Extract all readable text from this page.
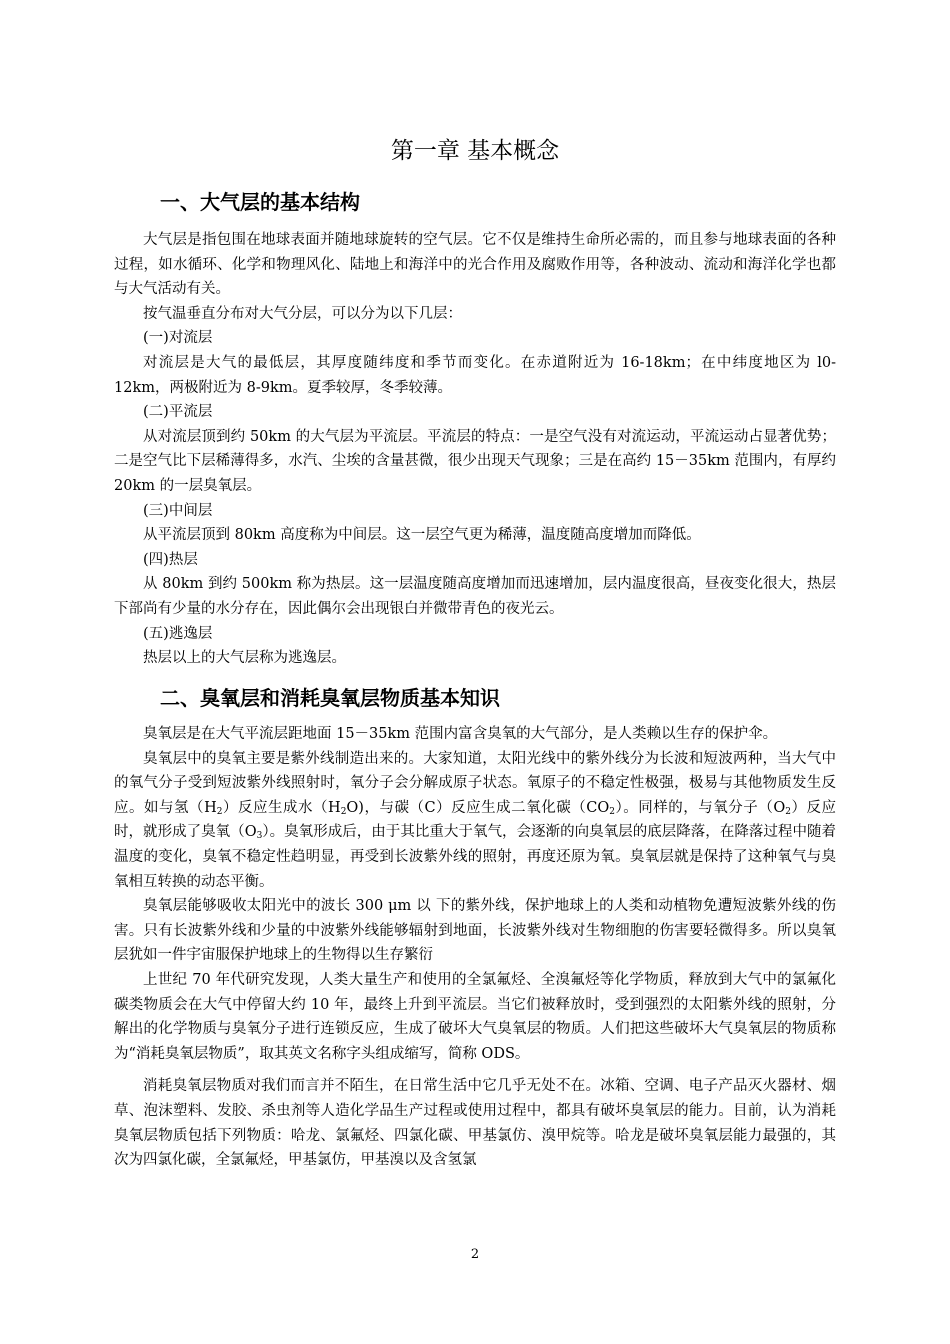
第一章 基本概念
一、大气层的基本结构

大气层是指包围在地球表面并随地球旋转的空气层。它不仅是维持生命所必需的，而且参与地球表面的各种过程，如水循环、化学和物理风化、陆地上和海洋中的光合作用及腐败作用等，各种波动、流动和海洋化学也都与大气活动有关。

按气温垂直分布对大气分层，可以分为以下几层：

(一)对流层

对流层是大气的最低层，其厚度随纬度和季节而变化。在赤道附近为 16-18km；在中纬度地区为 l0-12km，两极附近为 8-9km。夏季较厚，冬季较薄。

(二)平流层

从对流层顶到约 50km 的大气层为平流层。平流层的特点：一是空气没有对流运动，平流运动占显著优势；二是空气比下层稀薄得多，水汽、尘埃的含量甚微，很少出现天气现象；三是在高约 15－35km 范围内，有厚约 20km 的一层臭氧层。

(三)中间层

从平流层顶到 80km 高度称为中间层。这一层空气更为稀薄，温度随高度增加而降低。

(四)热层

从 80km 到约 500km 称为热层。这一层温度随高度增加而迅速增加，层内温度很高，昼夜变化很大，热层下部尚有少量的水分存在，因此偶尔会出现银白并微带青色的夜光云。

(五)逃逸层

热层以上的大气层称为逃逸层。

二、臭氧层和消耗臭氧层物质基本知识

臭氧层是在大气平流层距地面 15－35km 范围内富含臭氧的大气部分，是人类赖以生存的保护伞。

臭氧层中的臭氧主要是紫外线制造出来的。大家知道，太阳光线中的紫外线分为长波和短波两种，当大气中的氧气分子受到短波紫外线照射时，氧分子会分解成原子状态。氧原子的不稳定性极强，极易与其他物质发生反应。如与氢$(H_2)$反应生成水$(H_2O)$，与碳（C）反应生成二氧化碳$(CO_2)$。同样的，与氧分子$(O_2)$反应时，就形成了臭氧$(O_3)$。臭氧形成后，由于其比重大于氧气，会逐渐的向臭氧层的底层降落，在降落过程中随着温度的变化，臭氧不稳定性趋明显，再受到长波紫外线的照射，再度还原为氧。臭氧层就是保持了这种氧气与臭氧相互转换的动态平衡。

臭氧层能够吸收太阳光中的波长 300 μm 以 下的紫外线，保护地球上的人类和动植物免遭短波紫外线的伤害。只有长波紫外线和少量的中波紫外线能够辐射到地面，长波紫外线对生物细胞的伤害要轻微得多。所以臭氧层犹如一件宇宙服保护地球上的生物得以生存繁衍

上世纪 70 年代研究发现，人类大量生产和使用的全氯氟烃、全溴氟烃等化学物质，释放到大气中的氯氟化碳类物质会在大气中停留大约 10 年，最终上升到平流层。当它们被释放时，受到强烈的太阳紫外线的照射，分解出的化学物质与臭氧分子进行连锁反应，生成了破坏大气臭氧层的物质。人们把这些破坏大气臭氧层的物质称为“消耗臭氧层物质”，取其英文名称字头组成缩写，简称 ODS。

消耗臭氧层物质对我们而言并不陌生，在日常生活中它几乎无处不在。冰箱、空调、电子产品灭火器材、烟草、泡沫塑料、发胶、杀虫剂等人造化学品生产过程或使用过程中，都具有破坏臭氧层的能力。目前，认为消耗臭氧层物质包括下列物质：哈龙、氯氟烃、四氯化碳、甲基氯仿、溴甲烷等。哈龙是破坏臭氧层能力最强的，其次为四氯化碳，全氯氟烃，甲基氯仿，甲基溴以及含氢氯

2
